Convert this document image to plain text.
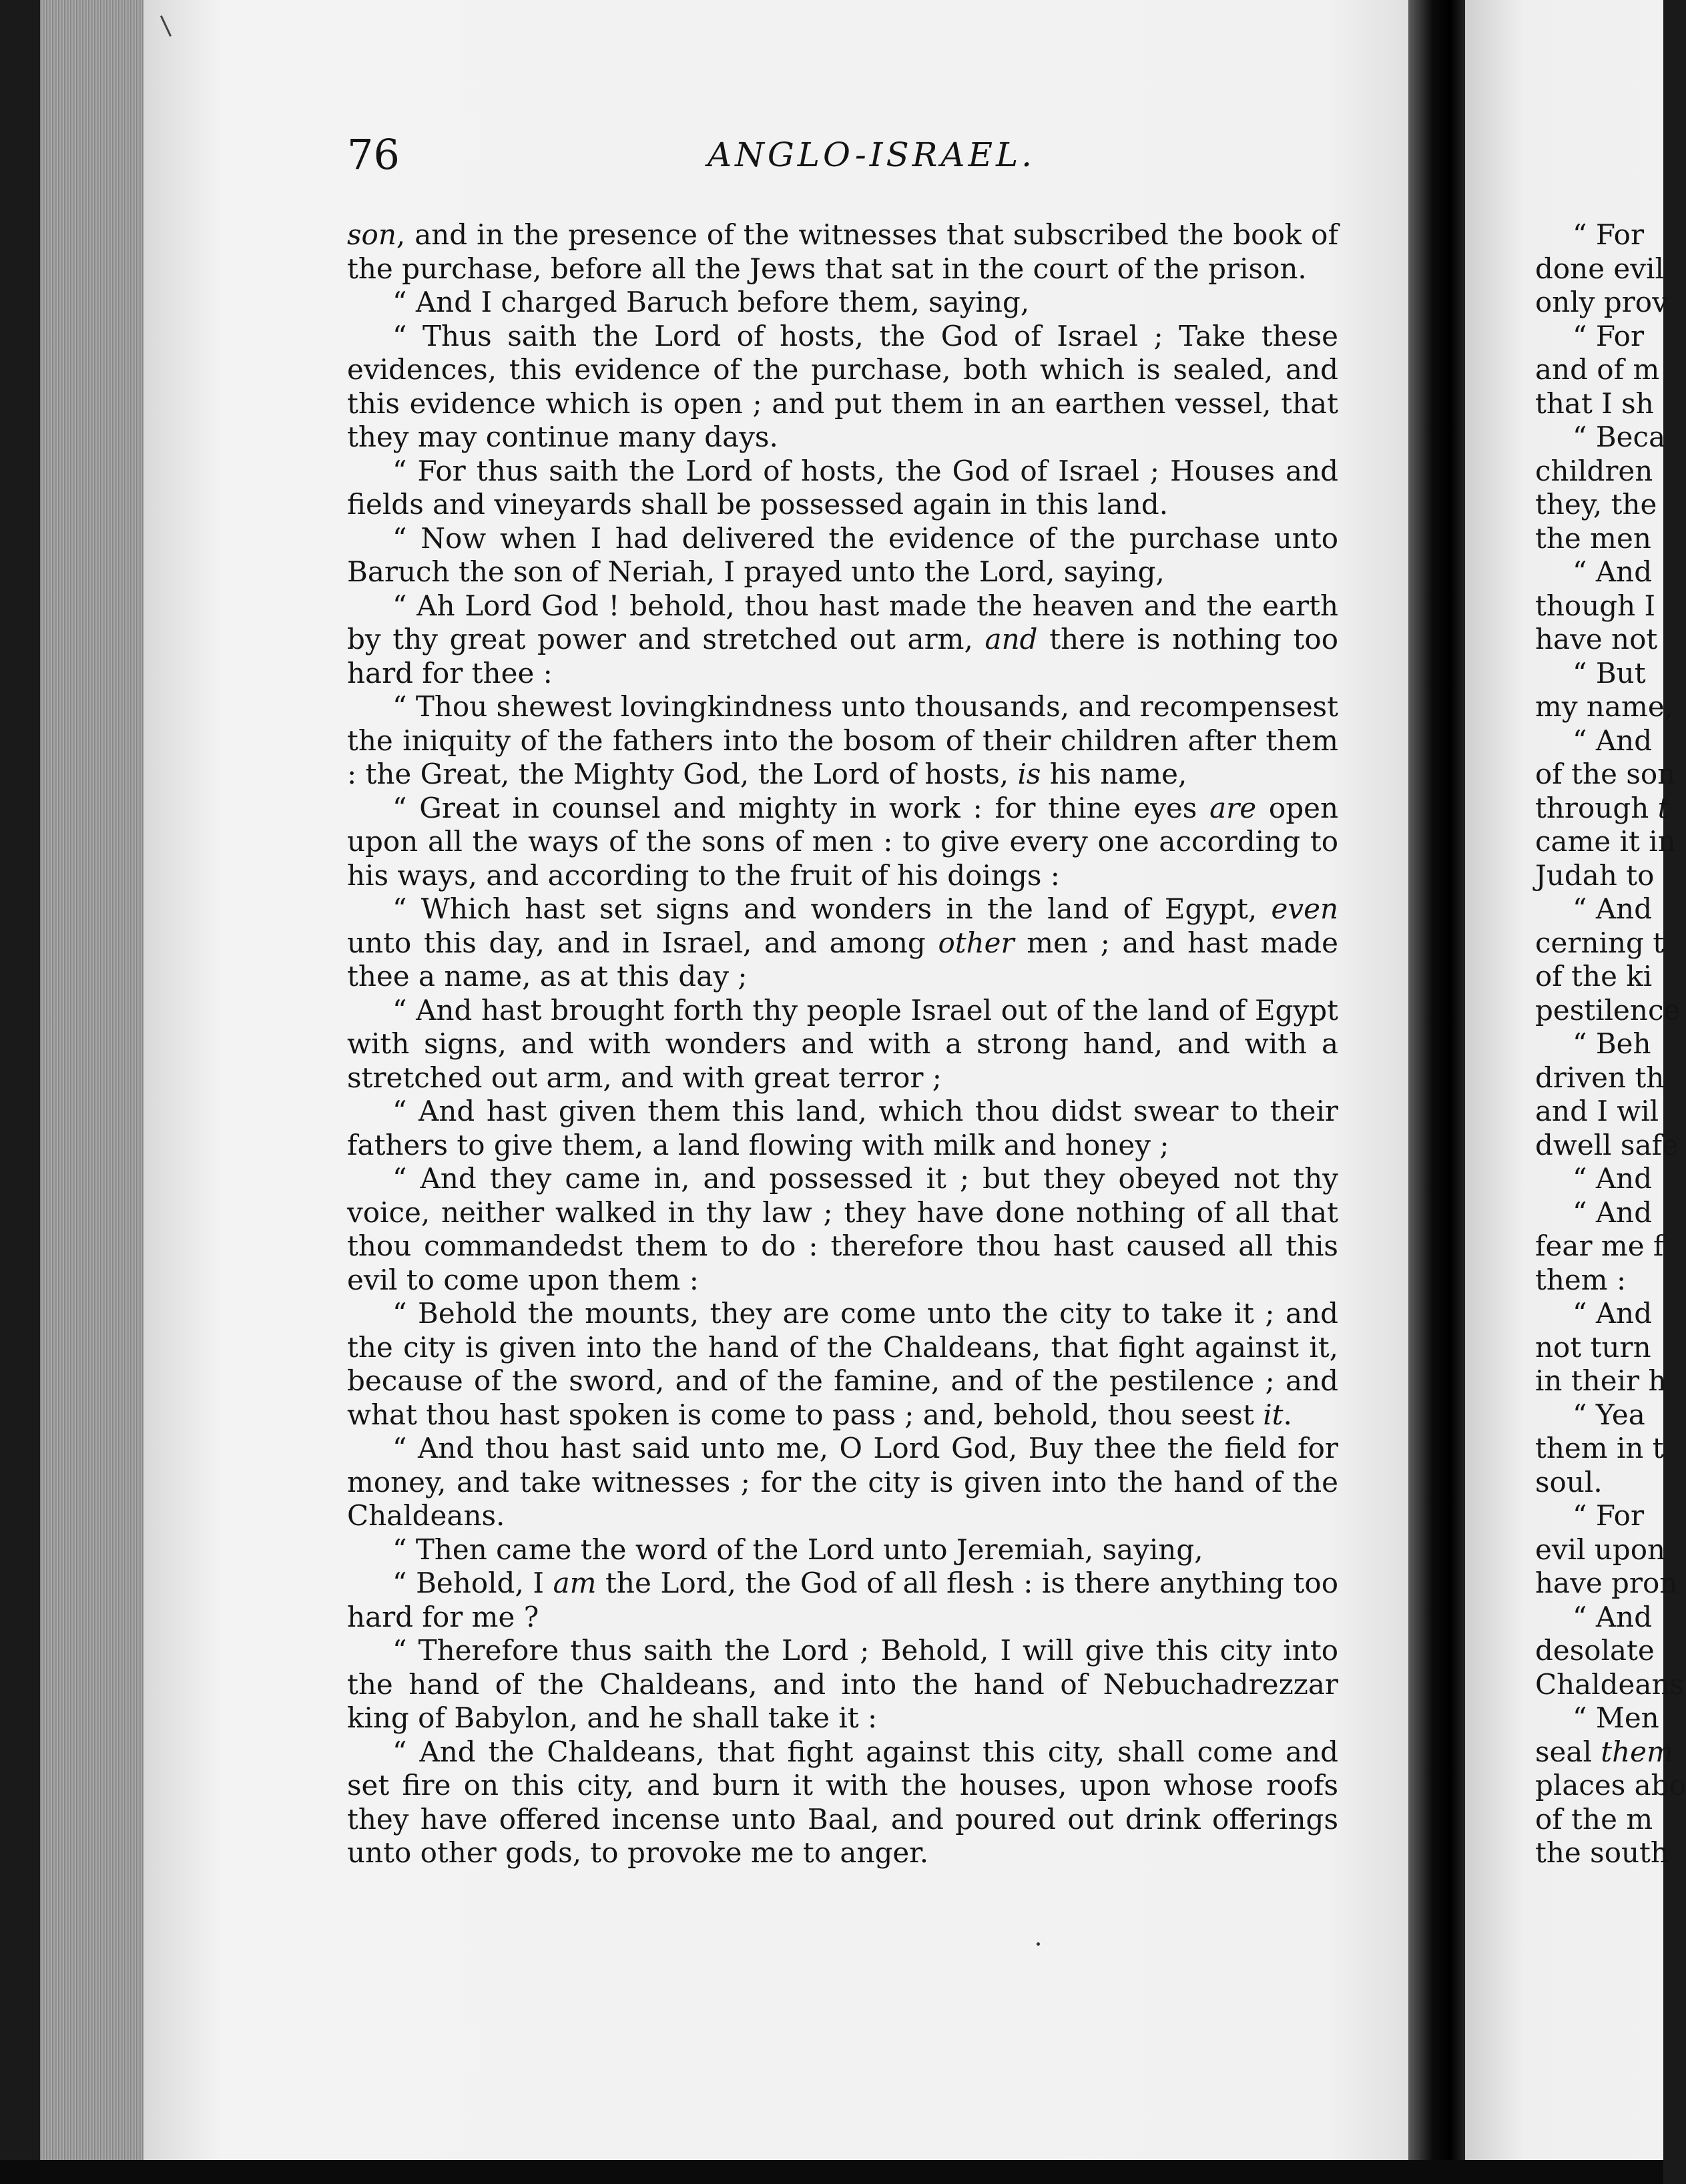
76	ANGLO-ISRAEL.

son, and in the presence of the witnesses that subscribed the book of the purchase, before all the Jews that sat in the court of the prison.

“ And I charged Baruch before them, saying,

“ Thus saith the Lord of hosts, the God of Israel ; Take these evidences, this evidence of the purchase, both which is sealed, and this evidence which is open ; and put them in an earthen vessel, that they may continue many days.

“ For thus saith the Lord of hosts, the God of Israel ; Houses and fields and vineyards shall be possessed again in this land.

“ Now when I had delivered the evidence of the purchase unto Baruch the son of Neriah, I prayed unto the Lord, saying,

“ Ah Lord God ! behold, thou hast made the heaven and the earth by thy great power and stretched out arm, and there is nothing too hard for thee :

“ Thou shewest lovingkindness unto thousands, and recompensest the iniquity of the fathers into the bosom of their children after them : the Great, the Mighty God, the Lord of hosts, is his name,

“ Great in counsel and mighty in work : for thine eyes are open upon all the ways of the sons of men : to give every one according to his ways, and according to the fruit of his doings :

“ Which hast set signs and wonders in the land of Egypt, even unto this day, and in Israel, and among other men ; and hast made thee a name, as at this day ;

“ And hast brought forth thy people Israel out of the land of Egypt with signs, and with wonders and with a strong hand, and with a stretched out arm, and with great terror ;

“ And hast given them this land, which thou didst swear to their fathers to give them, a land flowing with milk and honey ;

“ And they came in, and possessed it ; but they obeyed not thy voice, neither walked in thy law ; they have done nothing of all that thou commandedst them to do : therefore thou hast caused all this evil to come upon them :

“ Behold the mounts, they are come unto the city to take it ; and the city is given into the hand of the Chaldeans, that fight against it, because of the sword, and of the famine, and of the pestilence ; and what thou hast spoken is come to pass ; and, behold, thou seest it.

“ And thou hast said unto me, O Lord God, Buy thee the field for money, and take witnesses ; for the city is given into the hand of the Chaldeans.

“ Then came the word of the Lord unto Jeremiah, saying,

“ Behold, I am the Lord, the God of all flesh : is there anything too hard for me ?

“ Therefore thus saith the Lord ; Behold, I will give this city into the hand of the Chaldeans, and into the hand of Nebuchadrezzar king of Babylon, and he shall take it :

“ And the Chaldeans, that fight against this city, shall come and set fire on this city, and burn it with the houses, upon whose roofs they have offered incense unto Baal, and poured out drink offerings unto other gods, to provoke me to anger.

“ For
done evil
only prov
“ For
and of m
that I sh
“ Beca
children
they, the
the men
“ And
though I
have not
“ But
my name,
“ And
of the son
through t
came it in
Judah to
“ And
cerning t
of the ki
pestilence
“ Beh
driven th
and I wil
dwell safe
“ And
“ And
fear me f
them :
“ And
not turn
in their h
“ Yea
them in t
soul.
“ For
evil upon
have pron
“ And
desolate
Chaldeans
“ Men
seal them
places abo
of the m
the south
